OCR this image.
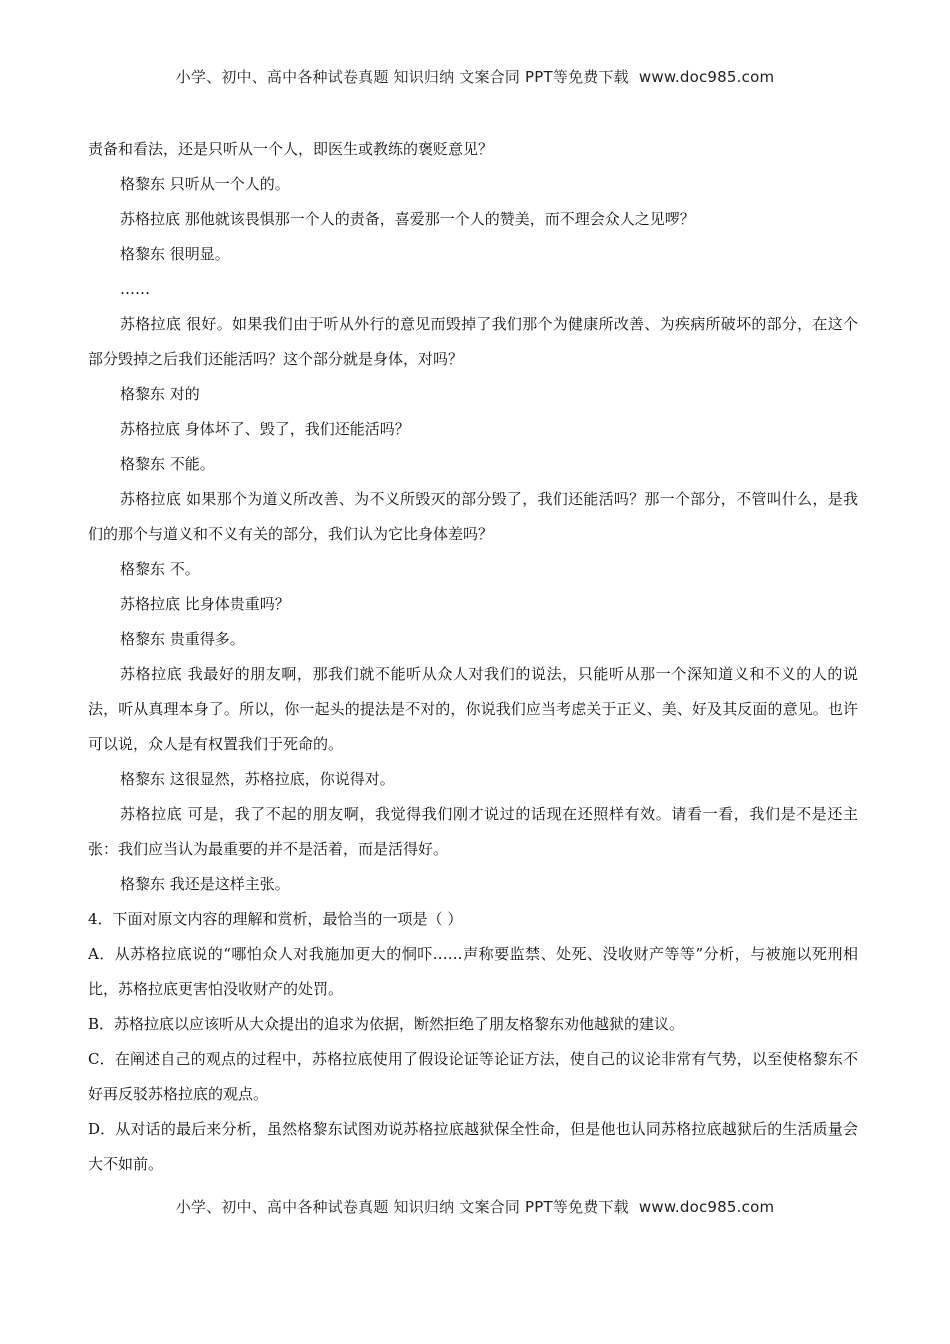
小学、初中、高中各种试卷真题 知识归纳 文案合同 PPT等免费下载 www.doc985.com

责备和看法，还是只听从一个人，即医生或教练的褒贬意见？

格黎东 只听从一个人的。

苏格拉底 那他就该畏惧那一个人的责备，喜爱那一个人的赞美，而不理会众人之见啰？

格黎东 很明显。

……

苏格拉底 很好。如果我们由于听从外行的意见而毁掉了我们那个为健康所改善、为疾病所破坏的部分，在这个部分毁掉之后我们还能活吗？这个部分就是身体，对吗？

格黎东 对的

苏格拉底 身体坏了、毁了，我们还能活吗？

格黎东 不能。

苏格拉底 如果那个为道义所改善、为不义所毁灭的部分毁了，我们还能活吗？那一个部分，不管叫什么，是我们的那个与道义和不义有关的部分，我们认为它比身体差吗？

格黎东 不。

苏格拉底 比身体贵重吗？

格黎东 贵重得多。

苏格拉底 我最好的朋友啊，那我们就不能听从众人对我们的说法，只能听从那一个深知道义和不义的人的说法，听从真理本身了。所以，你一起头的提法是不对的，你说我们应当考虑关于正义、美、好及其反面的意见。也许可以说，众人是有权置我们于死命的。

格黎东 这很显然，苏格拉底，你说得对。

苏格拉底 可是，我了不起的朋友啊，我觉得我们刚才说过的话现在还照样有效。请看一看，我们是不是还主张：我们应当认为最重要的并不是活着，而是活得好。

格黎东 我还是这样主张。

4．下面对原文内容的理解和赏析，最恰当的一项是（ ）

A．从苏格拉底说的“哪怕众人对我施加更大的恫吓……声称要监禁、处死、没收财产等等”分析，与被施以死刑相比，苏格拉底更害怕没收财产的处罚。

B．苏格拉底以应该听从大众提出的追求为依据，断然拒绝了朋友格黎东劝他越狱的建议。

C．在阐述自己的观点的过程中，苏格拉底使用了假设论证等论证方法，使自己的议论非常有气势，以至使格黎东不好再反驳苏格拉底的观点。

D．从对话的最后来分析，虽然格黎东试图劝说苏格拉底越狱保全性命，但是他也认同苏格拉底越狱后的生活质量会大不如前。

小学、初中、高中各种试卷真题 知识归纳 文案合同 PPT等免费下载 www.doc985.com
